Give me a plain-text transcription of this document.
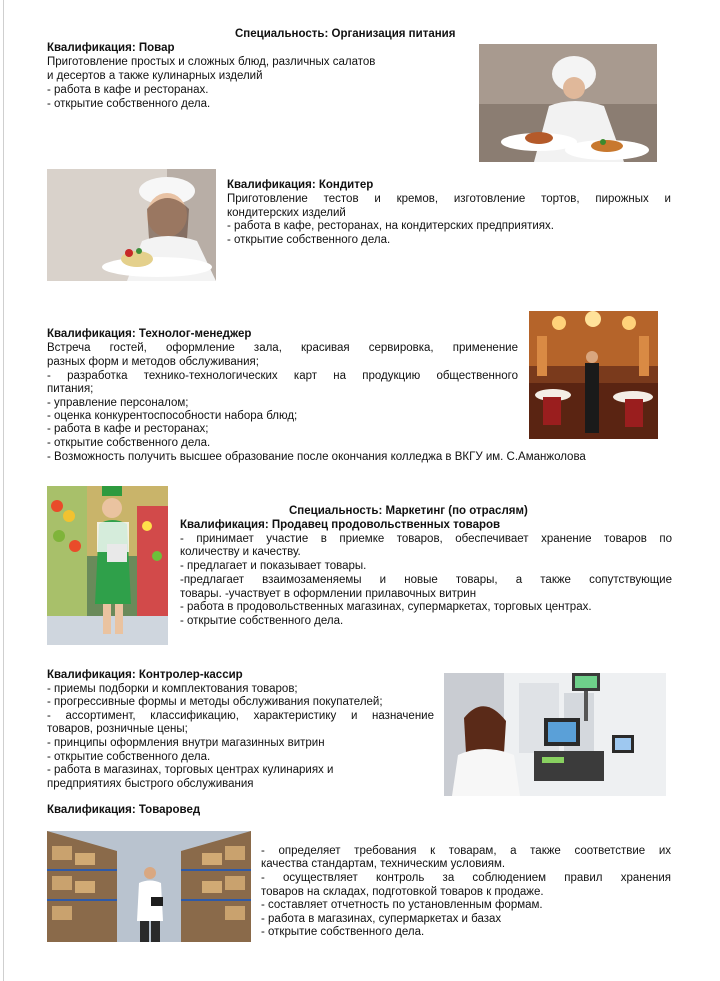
Специальность: Организация питания
Квалификация: Повар
Приготовление простых и сложных блюд, различных салатов
и десертов а также кулинарных изделий
- работа в кафе и ресторанах.
- открытие собственного дела.
Квалификация: Кондитер
Приготовление тестов и кремов, изготовление тортов, пирожных и
кондитерских изделий
- работа в кафе, ресторанах, на кондитерских предприятиях.
- открытие собственного дела.
Квалификация: Технолог-менеджер
Встреча гостей, оформление зала, красивая сервировка, применение
разных форм и методов обслуживания;
- разработка технико-технологических карт на продукцию общественного
питания;
- управление персоналом;
- оценка конкурентоспособности набора блюд;
- работа в кафе и ресторанах;
- открытие собственного дела.
- Возможность получить высшее образование после окончания колледжа в ВКГУ им. С.Аманжолова
Специальность: Маркетинг (по отраслям)
Квалификация: Продавец продовольственных товаров
- принимает участие в приемке товаров, обеспечивает хранение товаров по
количеству и качеству.
- предлагает и показывает товары.
-предлагает взаимозаменяемы и новые товары, а также сопутствующие
товары. -участвует в оформлении прилавочных витрин
- работа в продовольственных магазинах, супермаркетах, торговых центрах.
- открытие собственного дела.
Квалификация: Контролер-кассир
- приемы подборки и комплектования товаров;
- прогрессивные формы и методы обслуживания покупателей;
- ассортимент, классификацию, характеристику и назначение
товаров, розничные цены;
- принципы оформления внутри магазинных витрин
- открытие собственного дела.
- работа в магазинах, торговых центрах кулинариях и
предприятиях быстрого обслуживания
Квалификация: Товаровед
- определяет требования к товарам, а также соответствие их
качества стандартам, техническим условиям.
- осуществляет контроль за соблюдением правил хранения
товаров на складах, подготовкой товаров к продаже.
- составляет отчетность по установленным формам.
- работа в магазинах, супермаркетах и базах
- открытие собственного дела.
